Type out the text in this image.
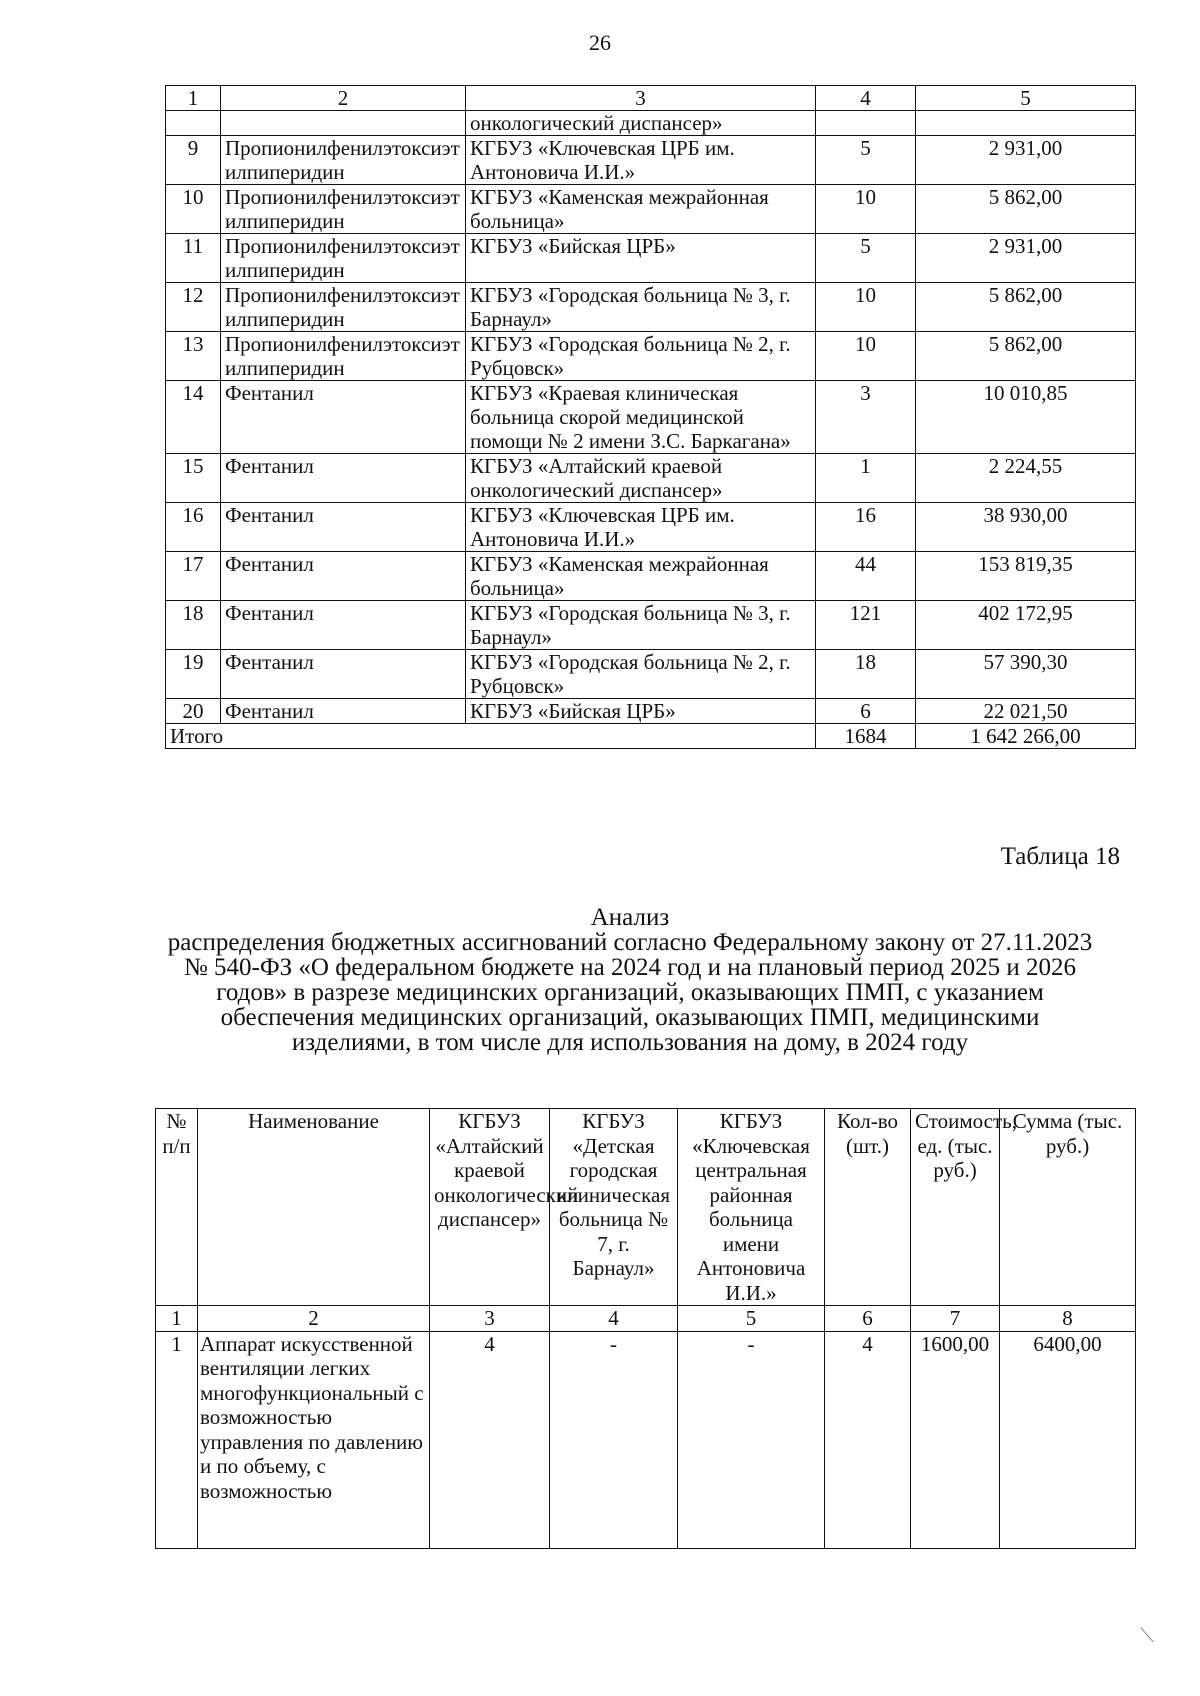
26
1	2	3	4	5
		онкологический диспансер»		
9	Пропионилфенилэтоксиэтилпиперидин	КГБУЗ «Ключевская ЦРБ им. Антоновича И.И.»	5	2 931,00
10	Пропионилфенилэтоксиэтилпиперидин	КГБУЗ «Каменская межрайонная больница»	10	5 862,00
11	Пропионилфенилэтоксиэтилпиперидин	КГБУЗ «Бийская ЦРБ»	5	2 931,00
12	Пропионилфенилэтоксиэтилпиперидин	КГБУЗ «Городская больница № 3, г. Барнаул»	10	5 862,00
13	Пропионилфенилэтоксиэтилпиперидин	КГБУЗ «Городская больница № 2, г. Рубцовск»	10	5 862,00
14	Фентанил	КГБУЗ «Краевая клиническая больница скорой медицинской помощи № 2 имени З.С. Баркагана»	3	10 010,85
15	Фентанил	КГБУЗ «Алтайский краевой онкологический диспансер»	1	2 224,55
16	Фентанил	КГБУЗ «Ключевская ЦРБ им. Антоновича И.И.»	16	38 930,00
17	Фентанил	КГБУЗ «Каменская межрайонная больница»	44	153 819,35
18	Фентанил	КГБУЗ «Городская больница № 3, г. Барнаул»	121	402 172,95
19	Фентанил	КГБУЗ «Городская больница № 2, г. Рубцовск»	18	57 390,30
20	Фентанил	КГБУЗ «Бийская ЦРБ»	6	22 021,50
Итого			1684	1 642 266,00
Таблица 18
Анализ
распределения бюджетных ассигнований согласно Федеральному закону от 27.11.2023 № 540-ФЗ «О федеральном бюджете на 2024 год и на плановый период 2025 и 2026 годов» в разрезе медицинских организаций, оказывающих ПМП, с указанием обеспечения медицинских организаций, оказывающих ПМП, медицинскими изделиями, в том числе для использования на дому, в 2024 году
№ п/п	Наименование	КГБУЗ «Алтайский краевой онкологический диспансер»	КГБУЗ «Детская городская клиническая больница № 7, г. Барнаул»	КГБУЗ «Ключевская центральная районная больница имени Антоновича И.И.»	Кол-во (шт.)	Стоимость, ед. (тыс. руб.)	Сумма (тыс. руб.)
1	2	3	4	5	6	7	8
1	Аппарат искусственной вентиляции легких многофункциональный с возможностью управления по давлению и по объему, с возможностью	4	-	-	4	1600,00	6400,00
⟍
